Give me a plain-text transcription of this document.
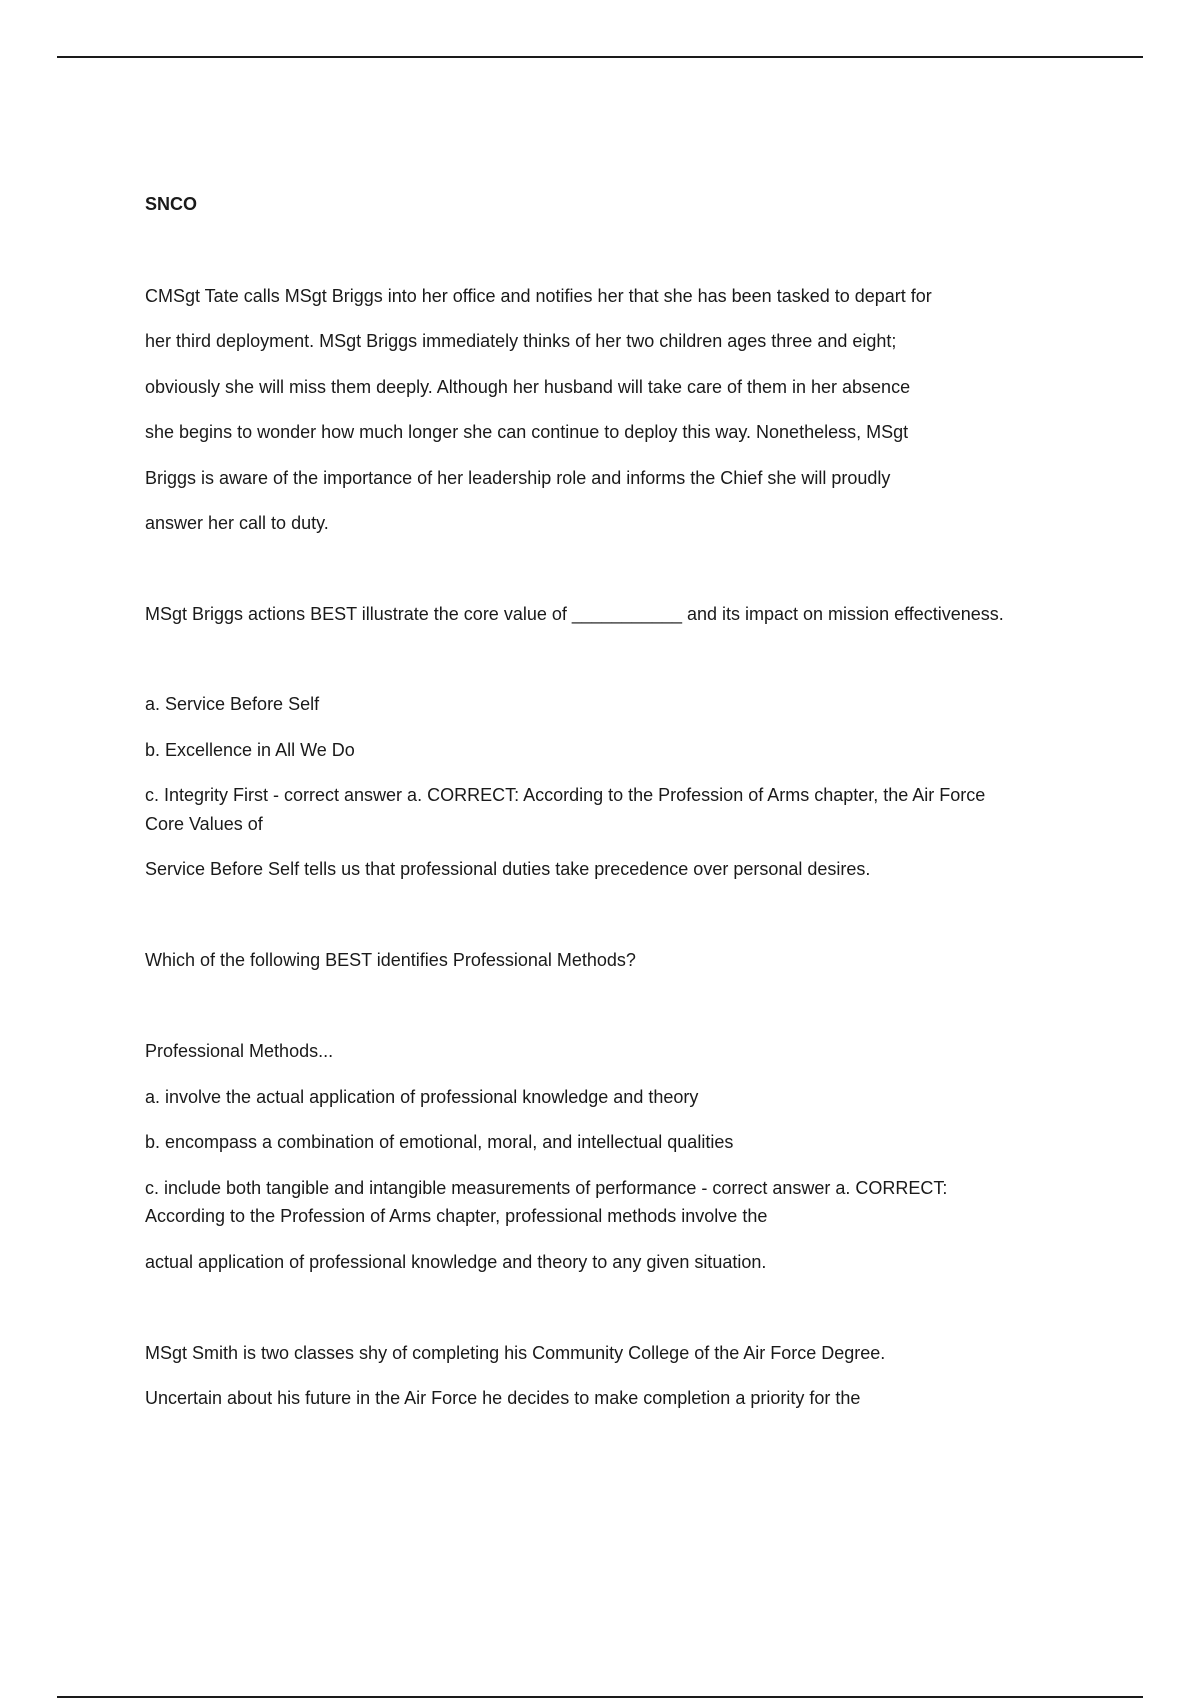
SNCO
CMSgt Tate calls MSgt Briggs into her office and notifies her that she has been tasked to depart for
her third deployment. MSgt Briggs immediately thinks of her two children ages three and eight;
obviously she will miss them deeply. Although her husband will take care of them in her absence
she begins to wonder how much longer she can continue to deploy this way. Nonetheless, MSgt
Briggs is aware of the importance of her leadership role and informs the Chief she will proudly
answer her call to duty.
MSgt Briggs actions BEST illustrate the core value of ___________ and its impact on mission effectiveness.
a. Service Before Self
b. Excellence in All We Do
c. Integrity First - correct answer a. CORRECT: According to the Profession of Arms chapter, the Air Force
Core Values of
Service Before Self tells us that professional duties take precedence over personal desires.
Which of the following BEST identifies Professional Methods?
Professional Methods...
a. involve the actual application of professional knowledge and theory
b. encompass a combination of emotional, moral, and intellectual qualities
c. include both tangible and intangible measurements of performance - correct answer a. CORRECT:
According to the Profession of Arms chapter, professional methods involve the
actual application of professional knowledge and theory to any given situation.
MSgt Smith is two classes shy of completing his Community College of the Air Force Degree.
Uncertain about his future in the Air Force he decides to make completion a priority for the
